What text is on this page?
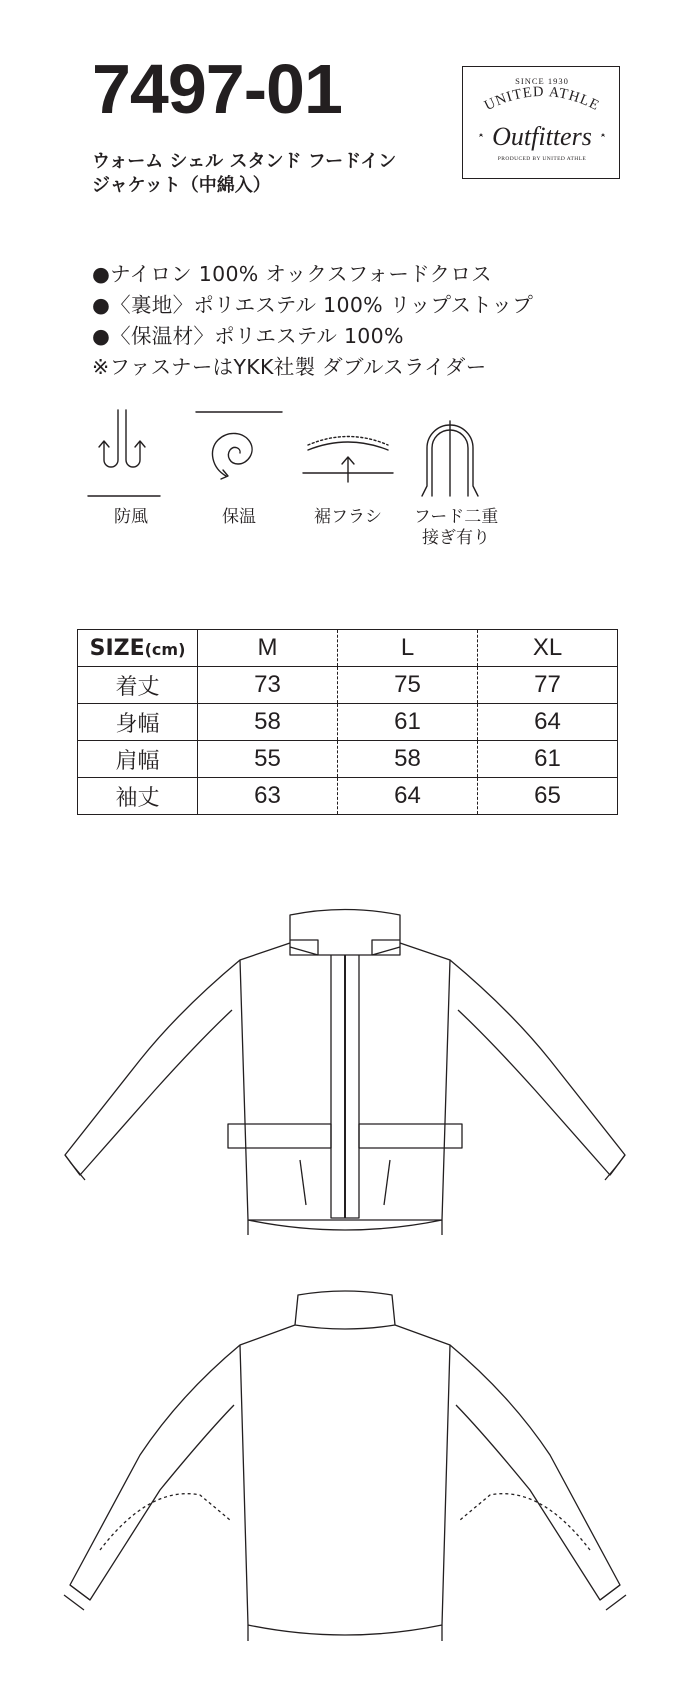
7497-01
ウォーム シェル スタンド フードイン
ジャケット（中綿入）
SINCE 1930
UNITED ATHLE
Outfitters
PRODUCED BY UNITED ATHLE
●ナイロン 100% オックスフォードクロス
●〈裏地〉ポリエステル 100% リップストップ
●〈保温材〉ポリエステル 100%
※ファスナーはYKK社製 ダブルスライダー
防風	保温	裾フラシ	フード二重
接ぎ有り
SIZE(cm)	M	L	XL
着丈	73	75	77
身幅	58	61	64
肩幅	55	58	61
袖丈	63	64	65
